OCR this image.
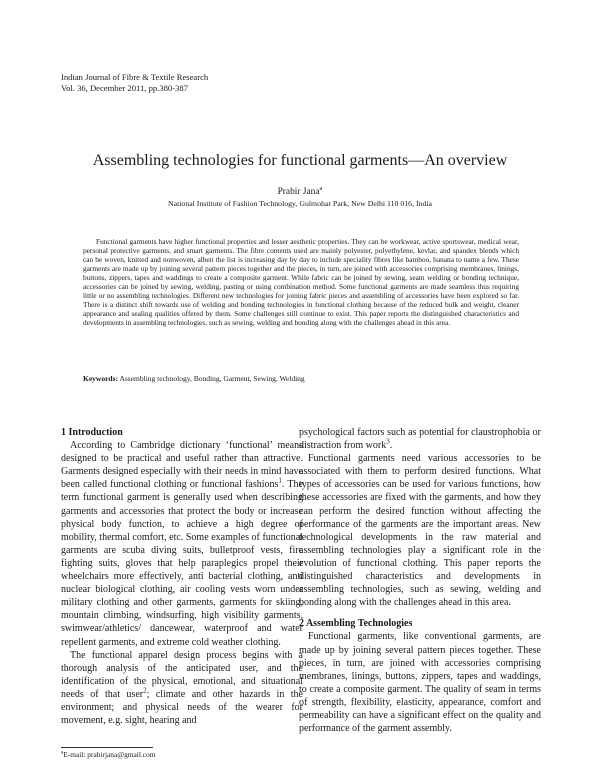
Indian Journal of Fibre & Textile Research
Vol. 36, December 2011, pp.380-387
Assembling technologies for functional garments—An overview
Prabir Jana$^a$
National Institute of Fashion Technology, Gulmohar Park, New Delhi 110 016, India

Functional garments have higher functional properties and lesser aesthetic properties. They can be workwear, active sportswear, medical wear, personal protective garments, and smart garments. The fibre contents used are mainly polyester, polyethylene, kevlar, and spandex blends which can be woven, knitted and nonwoven, albeit the list is increasing day by day to include speciality fibres like bamboo, banana to name a few. These garments are made up by joining several pattern pieces together and the pieces, in turn, are joined with accessories comprising membranes, linings, buttons, zippers, tapes and waddings to create a composite garment. While fabric can be joined by sewing, seam welding or bonding technique, accessories can be joined by sewing, welding, pasting or using combination method. Some functional garments are made seamless thus requiring little or no assembling technologies. Different new technologies for joining fabric pieces and assembling of accessories have been explored so far. There is a distinct shift towards use of welding and bonding technologies in functional clothing because of the reduced bulk and weight, cleaner appearance and sealing qualities offered by them. Some challenges still continue to exist. This paper reports the distinguished characteristics and developments in assembling technologies, such as sewing, welding and bonding along with the challenges ahead in this area.

Keywords: Assembling technology, Bonding, Garment, Sewing, Welding
1 Introduction

According to Cambridge dictionary ‘functional’ means designed to be practical and useful rather than attractive. Garments designed especially with their needs in mind have been called functional clothing or functional fashions$^1$. The term functional garment is generally used when describing garments and accessories that protect the body or increase physical body function, to achieve a high degree of mobility, thermal comfort, etc. Some examples of functional garments are scuba diving suits, bulletproof vests, fire fighting suits, gloves that help paraplegics propel their wheelchairs more effectively, anti bacterial clothing, anti nuclear biological clothing, air cooling vests worn under military clothing and other garments, garments for skiing, mountain climbing, windsurfing, high visibility garments, swimwear/athletics/ dancewear, waterproof and water repellent garments, and extreme cold weather clothing.

The functional apparel design process begins with a thorough analysis of the anticipated user, and the identification of the physical, emotional, and situational needs of that user$^2$; climate and other hazards in the environment; and physical needs of the wearer for movement, e.g. sight, hearing and

psychological factors such as potential for claustrophobia or distraction from work$^3$.

Functional garments need various accessories to be associated with them to perform desired functions. What types of accessories can be used for various functions, how these accessories are fixed with the garments, and how they can perform the desired function without affecting the performance of the garments are the important areas. New technological developments in the raw material and assembling technologies play a significant role in the evolution of functional clothing. This paper reports the distinguished characteristics and developments in assembling technologies, such as sewing, welding and bonding along with the challenges ahead in this area.

2 Assembling Technologies

Functional garments, like conventional garments, are made up by joining several pattern pieces together. These pieces, in turn, are joined with accessories comprising membranes, linings, buttons, zippers, tapes and waddings, to create a composite garment. The quality of seam in terms of strength, flexibility, elasticity, appearance, comfort and permeability can have a significant effect on the quality and performance of the garment assembly.

$^a$E-mail: prabirjana@gmail.com
